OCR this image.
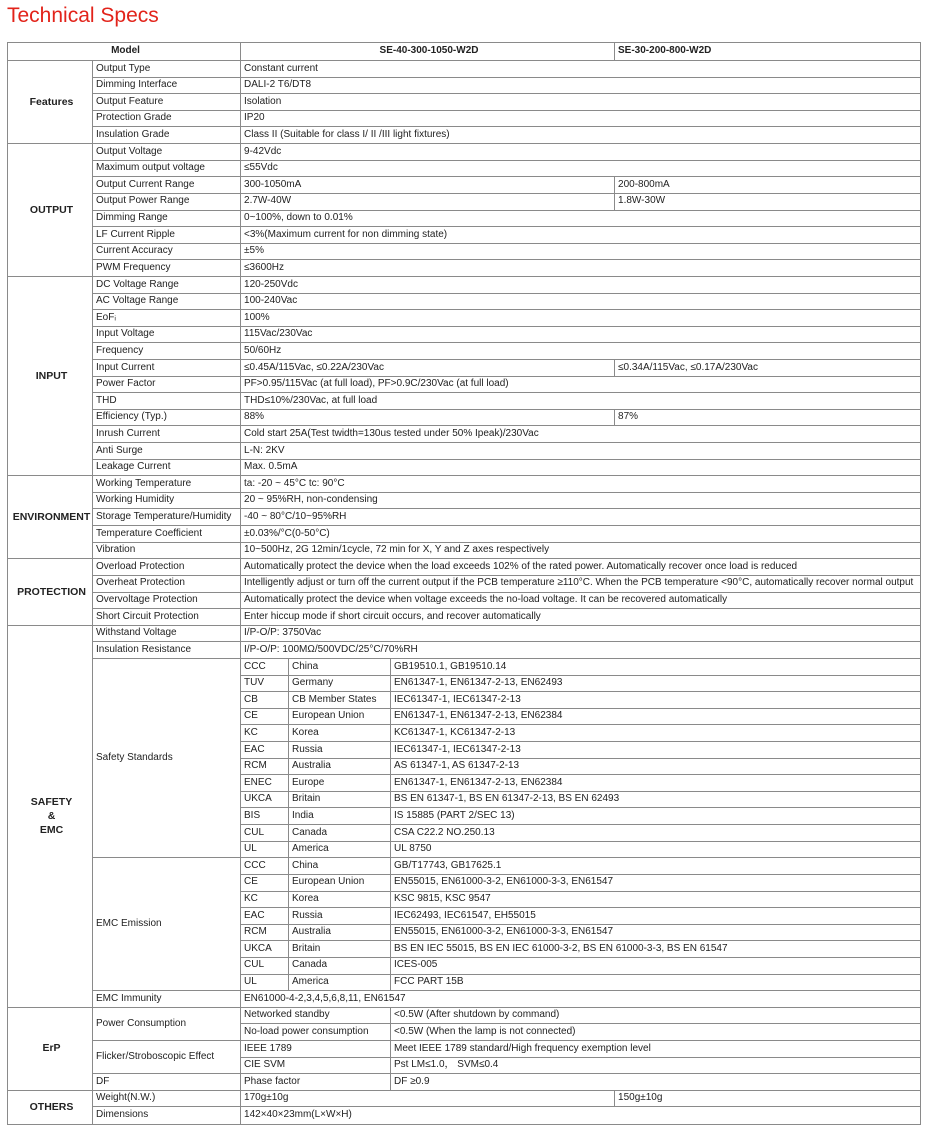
Technical Specs
Model		SE-40-300-1050-W2D			SE-30-200-800-W2D
Features	Output Type	Constant current			
	Dimming Interface	DALI-2 T6/DT8			
	Output Feature	Isolation			
	Protection Grade	IP20			
	Insulation Grade	Class II (Suitable for class I/ II /III light fixtures)			
OUTPUT	Output Voltage	9-42Vdc			
	Maximum output voltage	≤55Vdc			
	Output Current Range	300-1050mA			200-800mA
	Output Power Range	2.7W-40W			1.8W-30W
	Dimming Range	0~100%, down to 0.01%			
	LF Current Ripple	<3%(Maximum current for non dimming state)			
	Current Accuracy	±5%			
	PWM Frequency	≤3600Hz			
INPUT	DC Voltage Range	120-250Vdc			
	AC Voltage Range	100-240Vac			
	EoFᵢ	100%			
	Input Voltage	115Vac/230Vac			
	Frequency	50/60Hz			
	Input Current	≤0.45A/115Vac, ≤0.22A/230Vac			≤0.34A/115Vac, ≤0.17A/230Vac
	Power Factor	PF>0.95/115Vac (at full load), PF>0.9C/230Vac (at full load)			
	THD	THD≤10%/230Vac, at full load			
	Efficiency (Typ.)	88%			87%
	Inrush Current	Cold start 25A(Test twidth=130us tested under 50% Ipeak)/230Vac			
	Anti Surge	L-N: 2KV			
	Leakage Current	Max. 0.5mA			
ENVIRONMENT	Working Temperature	ta: -20 ~ 45°C tc: 90°C			
	Working Humidity	20 ~ 95%RH, non-condensing			
	Storage Temperature/Humidity	-40 ~ 80°C/10~95%RH			
	Temperature Coefficient	±0.03%/°C(0-50°C)			
	Vibration	10~500Hz, 2G 12min/1cycle, 72 min for X, Y and Z axes respectively			
PROTECTION	Overload Protection	Automatically protect the device when the load exceeds 102% of the rated power. Automatically recover once load is reduced			
	Overheat Protection	Intelligently adjust or turn off the current output if the PCB temperature ≥110°C. When the PCB temperature <90°C, automatically recover normal output			
	Overvoltage Protection	Automatically protect the device when voltage exceeds the no-load voltage. It can be recovered automatically			
	Short Circuit Protection	Enter hiccup mode if short circuit occurs, and recover automatically			

SAFETY
&
EMC	Withstand Voltage	I/P-O/P: 3750Vac			
	Insulation Resistance	I/P-O/P: 100MΩ/500VDC/25°C/70%RH			
	Safety Standards	CCC	China	GB19510.1, GB19510.14	
		TUV	Germany	EN61347-1, EN61347-2-13, EN62493	
		CB	CB Member States	IEC61347-1, IEC61347-2-13	
		CE	European Union	EN61347-1, EN61347-2-13, EN62384	
		KC	Korea	KC61347-1, KC61347-2-13	
		EAC	Russia	IEC61347-1, IEC61347-2-13	
		RCM	Australia	AS 61347-1, AS 61347-2-13	
		ENEC	Europe	EN61347-1, EN61347-2-13, EN62384	
		UKCA	Britain	BS EN 61347-1, BS EN 61347-2-13, BS EN 62493	
		BIS	India	IS 15885 (PART 2/SEC 13)	
		CUL	Canada	CSA C22.2 NO.250.13	
		UL	America	UL 8750	
	EMC Emission	CCC	China	GB/T17743, GB17625.1	
		CE	European Union	EN55015, EN61000-3-2, EN61000-3-3, EN61547	
		KC	Korea	KSC 9815, KSC 9547	
		EAC	Russia	IEC62493, IEC61547, EH55015	
		RCM	Australia	EN55015, EN61000-3-2, EN61000-3-3, EN61547	
		UKCA	Britain	BS EN IEC 55015, BS EN IEC 61000-3-2, BS EN 61000-3-3, BS EN 61547	
		CUL	Canada	ICES-005	
		UL	America	FCC PART 15B	
	EMC Immunity	EN61000-4-2,3,4,5,6,8,11, EN61547			
ErP	Power Consumption	Networked standby		<0.5W (After shutdown by command)	
		No-load power consumption		<0.5W (When the lamp is not connected)	
	Flicker/Stroboscopic Effect	IEEE 1789		Meet IEEE 1789 standard/High frequency exemption level	
		CIE SVM		Pst LM≤1.0， SVM≤0.4	
	DF	Phase factor		DF ≥0.9	
OTHERS	Weight(N.W.)	170g±10g			150g±10g
	Dimensions	142×40×23mm(L×W×H)			
